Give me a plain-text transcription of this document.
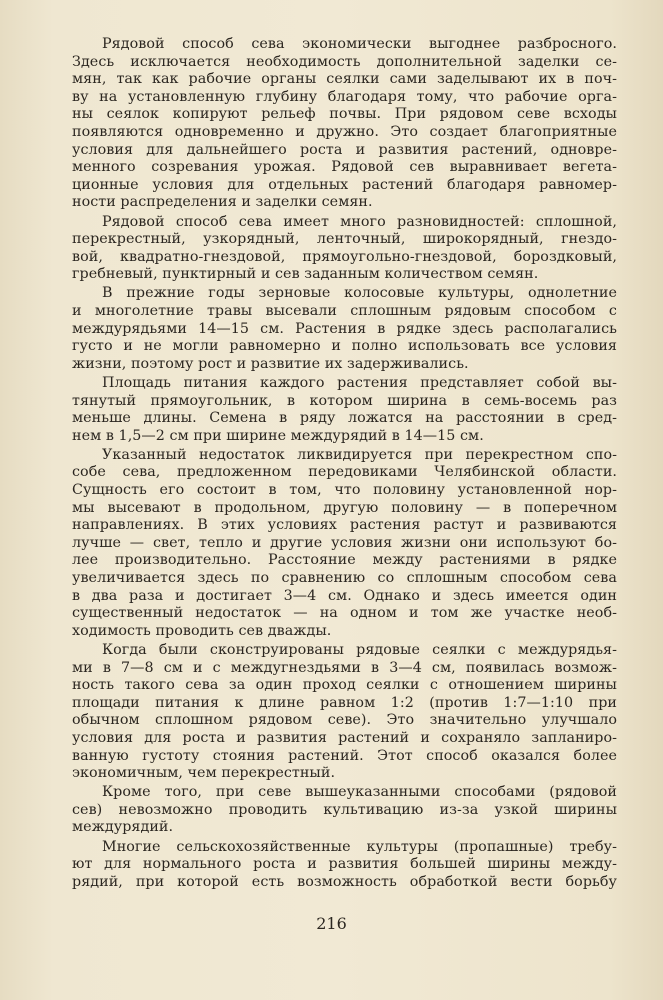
Рядовой способ сева экономически выгоднее разбросного.
Здесь исключается необходимость дополнительной заделки се-
мян, так как рабочие органы сеялки сами заделывают их в поч-
ву на установленную глубину благодаря тому, что рабочие орга-
ны сеялок копируют рельеф почвы. При рядовом севе всходы
появляются одновременно и дружно. Это создает благоприятные
условия для дальнейшего роста и развития растений, одновре-
менного созревания урожая. Рядовой сев выравнивает вегета-
ционные условия для отдельных растений благодаря равномер-
ности распределения и заделки семян.
Рядовой способ сева имеет много разновидностей: сплошной,
перекрестный, узкорядный, ленточный, широкорядный, гнездо-
вой, квадратно-гнездовой, прямоугольно-гнездовой, бороздковый,
гребневый, пунктирный и сев заданным количеством семян.
В прежние годы зерновые колосовые культуры, однолетние
и многолетние травы высевали сплошным рядовым способом с
междурядьями 14—15 см. Растения в рядке здесь располагались
густо и не могли равномерно и полно использовать все условия
жизни, поэтому рост и развитие их задерживались.
Площадь питания каждого растения представляет собой вы-
тянутый прямоугольник, в котором ширина в семь-восемь раз
меньше длины. Семена в ряду ложатся на расстоянии в сред-
нем в 1,5—2 см при ширине междурядий в 14—15 см.
Указанный недостаток ликвидируется при перекрестном спо-
собе сева, предложенном передовиками Челябинской области.
Сущность его состоит в том, что половину установленной нор-
мы высевают в продольном, другую половину — в поперечном
направлениях. В этих условиях растения растут и развиваются
лучше — свет, тепло и другие условия жизни они используют бо-
лее производительно. Расстояние между растениями в рядке
увеличивается здесь по сравнению со сплошным способом сева
в два раза и достигает 3—4 см. Однако и здесь имеется один
существенный недостаток — на одном и том же участке необ-
ходимость проводить сев дважды.
Когда были сконструированы рядовые сеялки с междурядья-
ми в 7—8 см и с междугнездьями в 3—4 см, появилась возмож-
ность такого сева за один проход сеялки с отношением ширины
площади питания к длине равном 1:2 (против 1:7—1:10 при
обычном сплошном рядовом севе). Это значительно улучшало
условия для роста и развития растений и сохраняло запланиро-
ванную густоту стояния растений. Этот способ оказался более
экономичным, чем перекрестный.
Кроме того, при севе вышеуказанными способами (рядовой
сев) невозможно проводить культивацию из-за узкой ширины
междурядий.
Многие сельскохозяйственные культуры (пропашные) требу-
ют для нормального роста и развития большей ширины между-
рядий, при которой есть возможность обработкой вести борьбу
216
